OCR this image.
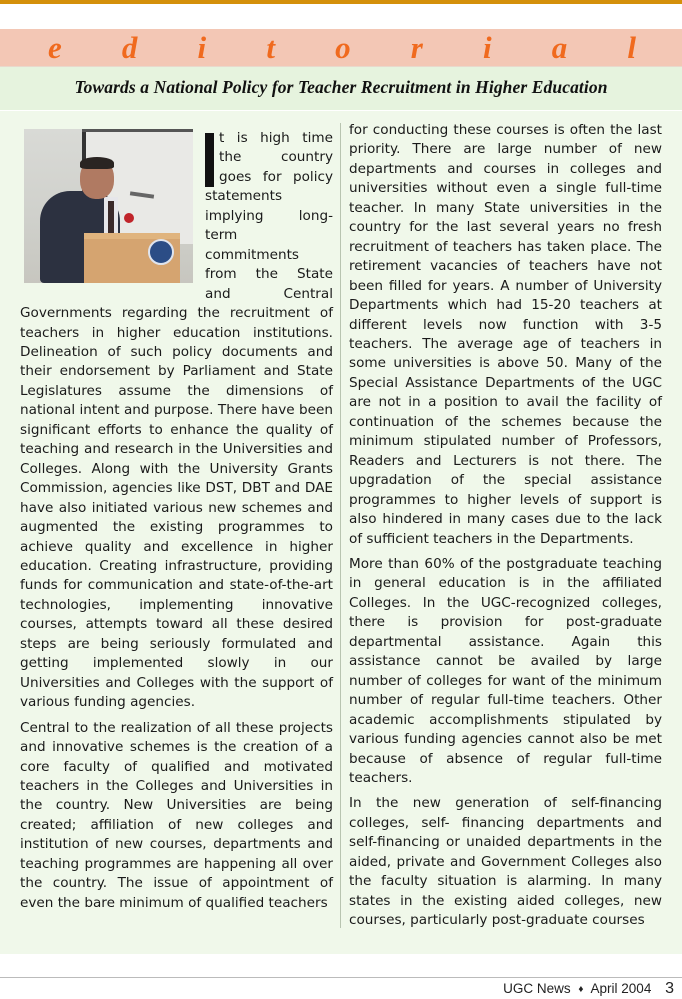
e d i t o r i a l
Towards a National Policy for Teacher Recruitment in Higher Education

t is high time the country goes for policy statements implying long-term commitments from the State and Central Governments regarding the recruitment of teachers in higher education institutions. Delineation of such policy documents and their endorsement by Parliament and State Legislatures assume the dimensions of national intent and purpose. There have been significant efforts to enhance the quality of teaching and research in the Universities and Colleges. Along with the University Grants Commission, agencies like DST, DBT and DAE have also initiated various new schemes and augmented the existing programmes to achieve quality and excellence in higher education. Creating infrastructure, providing funds for communication and state-of-the-art technologies, implementing innovative courses, attempts toward all these desired steps are being seriously formulated and getting implemented slowly in our Universities and Colleges with the support of various funding agencies.

Central to the realization of all these projects and innovative schemes is the creation of a core faculty of qualified and motivated teachers in the Colleges and Universities in the country. New Universities are being created; affiliation of new colleges and institution of new courses, departments and teaching programmes are happening all over the country. The issue of appointment of even the bare minimum of qualified teachers

for conducting these courses is often the last priority. There are large number of new departments and courses in colleges and universities without even a single full-time teacher. In many State universities in the country for the last several years no fresh recruitment of teachers has taken place. The retirement vacancies of teachers have not been filled for years. A number of University Departments which had 15-20 teachers at different levels now function with 3-5 teachers. The average age of teachers in some universities is above 50. Many of the Special Assistance Departments of the UGC are not in a position to avail the facility of continuation of the schemes because the minimum stipulated number of Professors, Readers and Lecturers is not there. The upgradation of the special assistance programmes to higher levels of support is also hindered in many cases due to the lack of sufficient teachers in the Departments.

More than 60% of the postgraduate teaching in general education is in the affiliated Colleges. In the UGC-recognized colleges, there is provision for post-graduate departmental assistance. Again this assistance cannot be availed by large number of colleges for want of the minimum number of regular full-time teachers. Other academic accomplishments stipulated by various funding agencies cannot also be met because of absence of regular full-time teachers.

In the new generation of self-financing colleges, self- financing departments and self-financing or unaided departments in the aided, private and Government Colleges also the faculty situation is alarming. In many states in the existing aided colleges, new courses, particularly post-graduate courses

UGC News ♦ April 2004 3
